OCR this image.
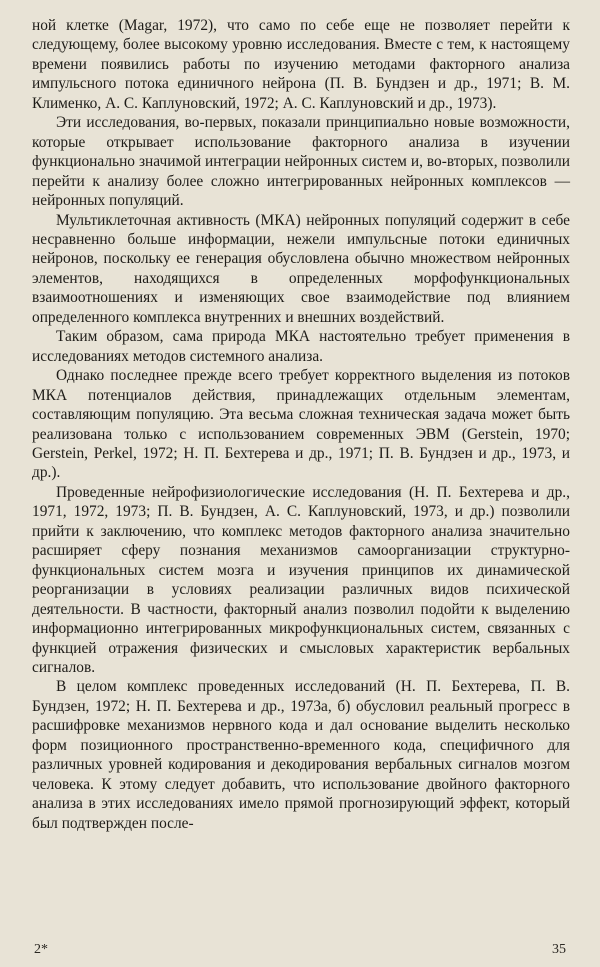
ной клетке (Magar, 1972), что само по себе еще не позволяет перейти к следующему, более высокому уровню исследования. Вместе с тем, к настоящему времени появились работы по изучению методами факторного анализа импульсного потока единичного нейрона (П. В. Бундзен и др., 1971; В. М. Клименко, А. С. Каплуновский, 1972; А. С. Каплуновский и др., 1973).

Эти исследования, во-первых, показали принципиально новые возможности, которые открывает использование факторного анализа в изучении функционально значимой интеграции нейронных систем и, во-вторых, позволили перейти к анализу более сложно интегрированных нейронных комплексов — нейронных популяций.

Мультиклеточная активность (МКА) нейронных популяций содержит в себе несравненно больше информации, нежели импульсные потоки единичных нейронов, поскольку ее генерация обусловлена обычно множеством нейронных элементов, находящихся в определенных морфофункциональных взаимоотношениях и изменяющих свое взаимодействие под влиянием определенного комплекса внутренних и внешних воздействий.

Таким образом, сама природа МКА настоятельно требует применения в исследованиях методов системного анализа.

Однако последнее прежде всего требует корректного выделения из потоков МКА потенциалов действия, принадлежащих отдельным элементам, составляющим популяцию. Эта весьма сложная техническая задача может быть реализована только с использованием современных ЭВМ (Gerstein, 1970; Gerstein, Perkel, 1972; Н. П. Бехтерева и др., 1971; П. В. Бундзен и др., 1973, и др.).

Проведенные нейрофизиологические исследования (Н. П. Бехтерева и др., 1971, 1972, 1973; П. В. Бундзен, А. С. Каплуновский, 1973, и др.) позволили прийти к заключению, что комплекс методов факторного анализа значительно расширяет сферу познания механизмов самоорганизации структурно-функциональных систем мозга и изучения принципов их динамической реорганизации в условиях реализации различных видов психической деятельности. В частности, факторный анализ позволил подойти к выделению информационно интегрированных микрофункциональных систем, связанных с функцией отражения физических и смысловых характеристик вербальных сигналов.

В целом комплекс проведенных исследований (Н. П. Бехтерева, П. В. Бундзен, 1972; Н. П. Бехтерева и др., 1973а, б) обусловил реальный прогресс в расшифровке механизмов нервного кода и дал основание выделить несколько форм позиционного пространственно-временного кода, специфичного для различных уровней кодирования и декодирования вербальных сигналов мозгом человека. К этому следует добавить, что использование двойного факторного анализа в этих исследованиях имело прямой прогнозирующий эффект, который был подтвержден после-

2*	35
